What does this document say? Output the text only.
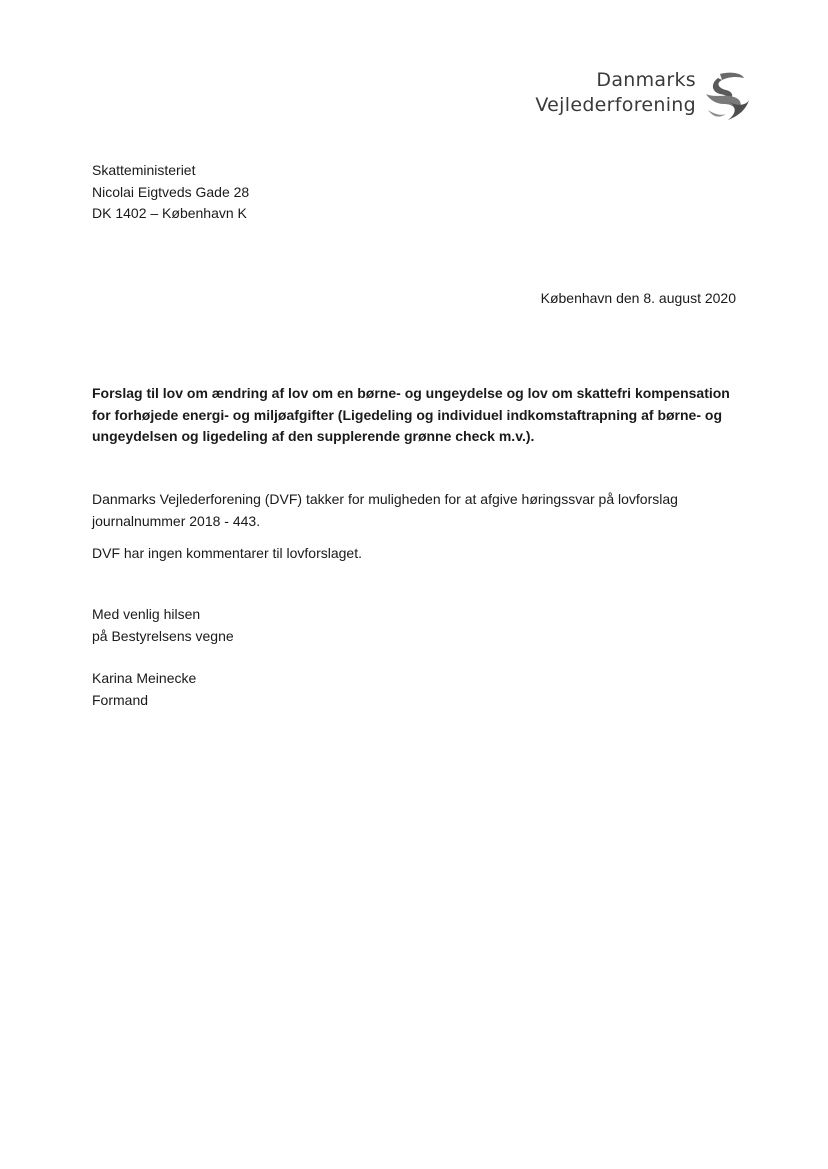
Danmarks
Vejlederforening
Skatteministeriet
Nicolai Eigtveds Gade 28
DK 1402 – København K
København den 8. august 2020
Forslag til lov om ændring af lov om en børne- og ungeydelse og lov om skattefri kompensation for forhøjede energi- og miljøafgifter (Ligedeling og individuel indkomstaftrapning af børne- og ungeydelsen og ligedeling af den supplerende grønne check m.v.).
Danmarks Vejlederforening (DVF) takker for muligheden for at afgive høringssvar på lovforslag journalnummer 2018 - 443.
DVF har ingen kommentarer til lovforslaget.
Med venlig hilsen
på Bestyrelsens vegne
Karina Meinecke
Formand
